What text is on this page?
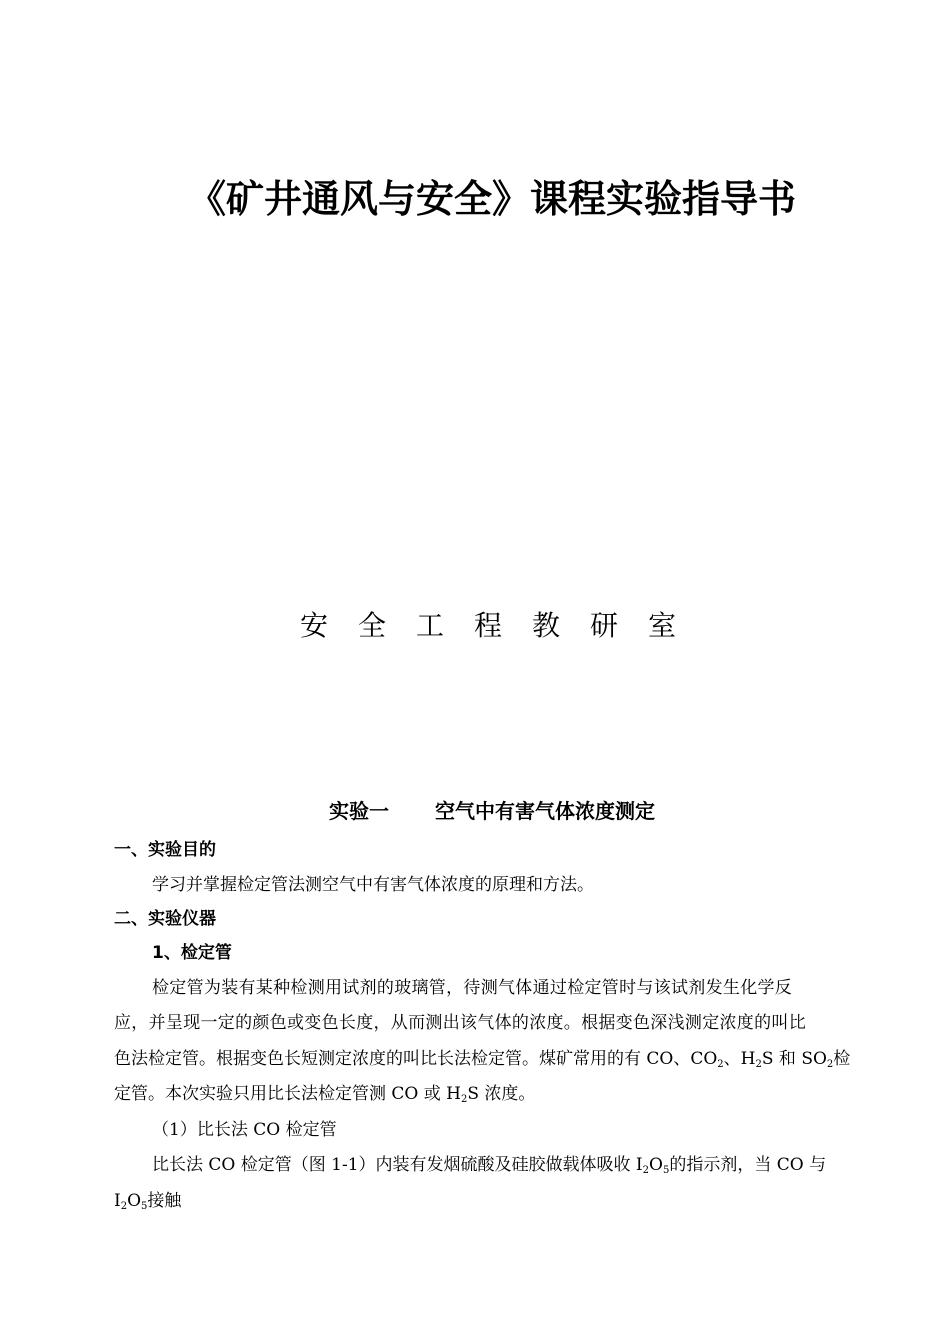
《矿井通风与安全》课程实验指导书
安全工程教研室
实验一 空气中有害气体浓度测定
一、实验目的
学习并掌握检定管法测空气中有害气体浓度的原理和方法。
二、实验仪器
1、检定管
检定管为装有某种检测用试剂的玻璃管，待测气体通过检定管时与该试剂发生化学反
应，并呈现一定的颜色或变色长度，从而测出该气体的浓度。根据变色深浅测定浓度的叫比
色法检定管。根据变色长短测定浓度的叫比长法检定管。煤矿常用的有 CO、$CO_2$、$H_2S$ 和 $SO_2$检
定管。本次实验只用比长法检定管测 CO 或 $H_2S$ 浓度。
（1）比长法 CO 检定管
比长法 CO 检定管（图 1-1）内装有发烟硫酸及硅胶做载体吸收 $I_2O_5$的指示剂，当 CO 与
$I_2O_5$接触
